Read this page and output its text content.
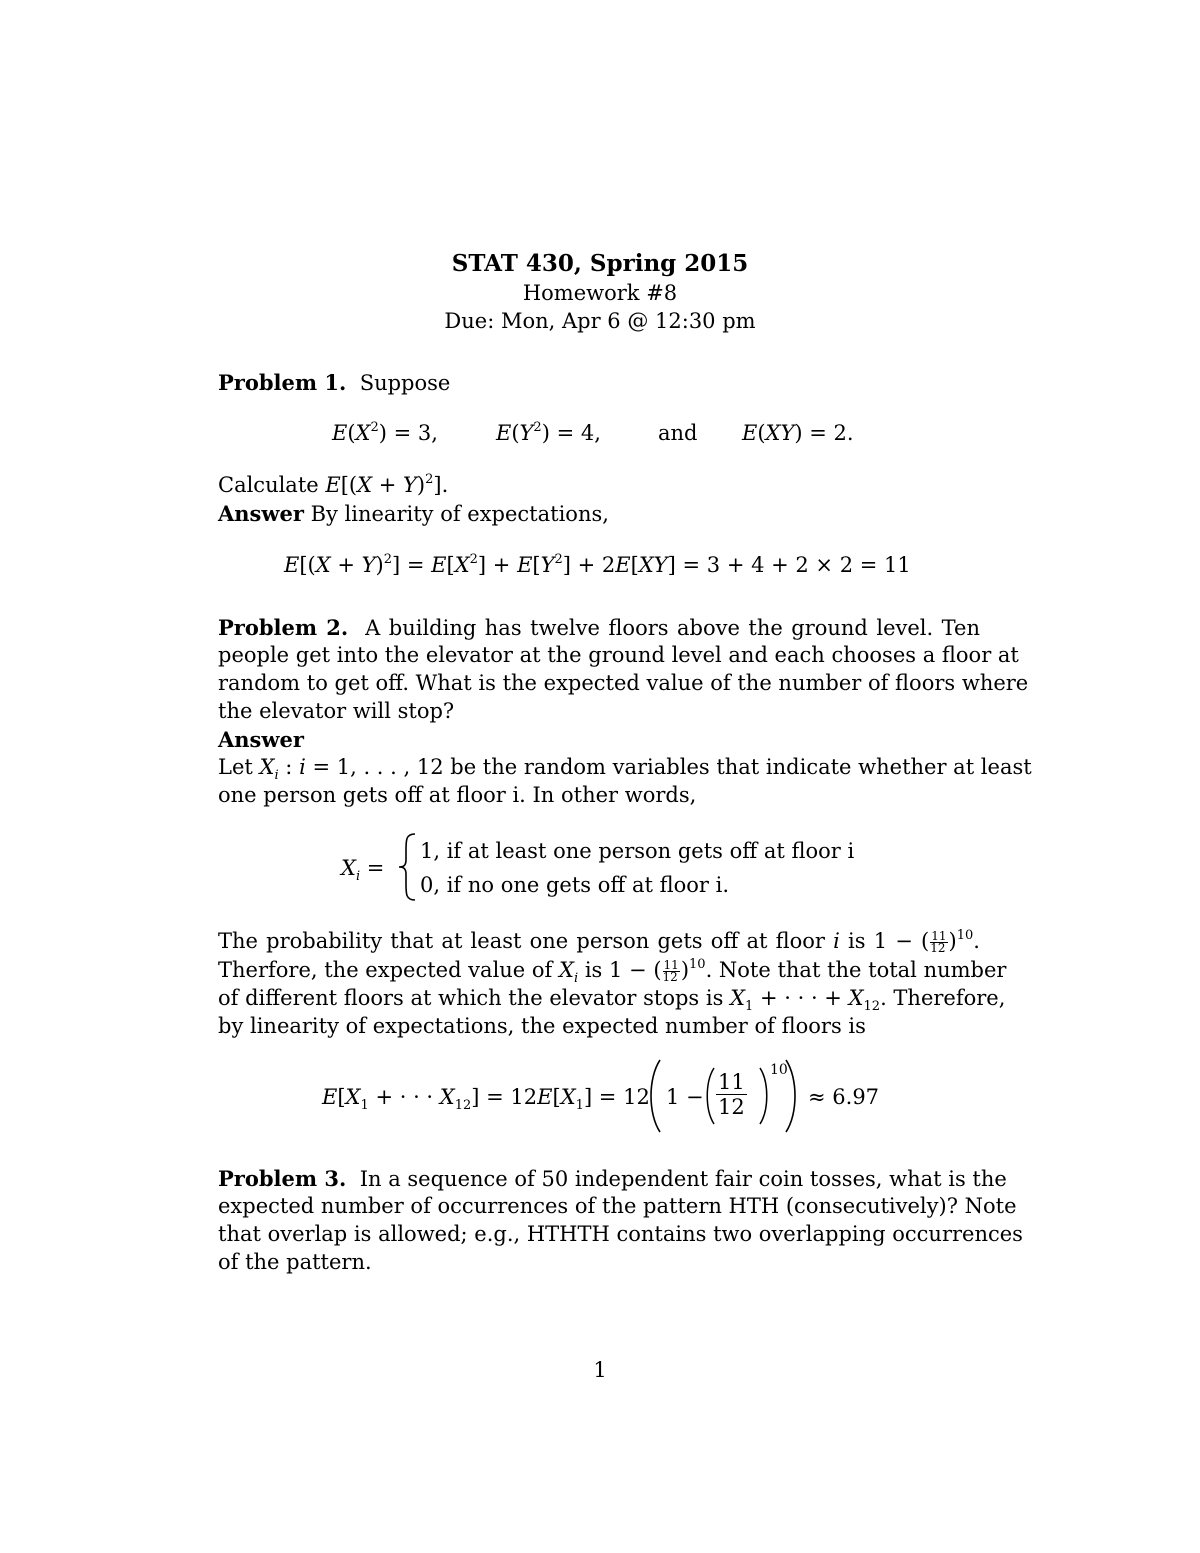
STAT 430, Spring 2015
Homework #8
Due: Mon, Apr 6 @ 12:30 pm
Problem 1. Suppose
$E(X^2) = 3$,	$E(Y^2) = 4$,	and E(XY) = 2.
Calculate $E[(X + Y)^2]$.
Answer By linearity of expectations,
$E[(X + Y)^2] = E[X^2] + E[Y^2] + 2E[XY] = 3 + 4 + 2 \times 2 = 11$
Problem 2. A building has twelve floors above the ground level. Ten
people get into the elevator at the ground level and each chooses a floor at
random to get off. What is the expected value of the number of floors where
the elevator will stop?
Answer
Let $X_i$ : i = 1, . . . , 12 be the random variables that indicate whether at least
one person gets off at floor i. In other words,
$X_i$ =
1, if at least one person gets off at floor i
0, if no one gets off at floor i.
The probability that at least one person gets off at floor i is 1 − ( $\frac{11}{12} )^{10}$.
Therfore, the expected value of $X_i$ is 1 − ( $\frac{11}{12} )^{10}$. Note that the total number
of different floors at which the elevator stops is $X_1$ + · · · + $X_{12}$. Therefore,
by linearity of expectations, the expected number of floors is
$E[X_1$ + · · · $X_{12}] = 12E[X_1] = 12$ $1 - \frac{11}{12} 10$
≈ 6.97
Problem 3. In a sequence of 50 independent fair coin tosses, what is the
expected number of occurrences of the pattern HTH (consecutively)? Note
that overlap is allowed; e.g., HTHTH contains two overlapping occurrences
of the pattern.
1
